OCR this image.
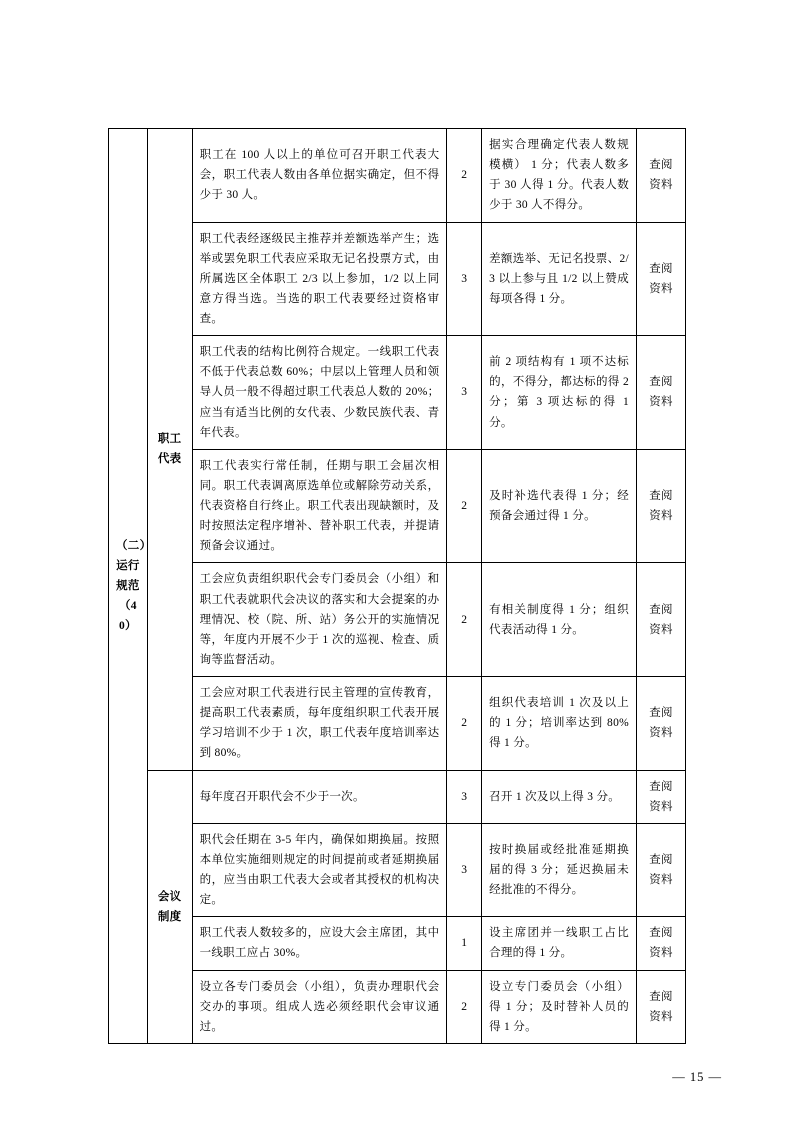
（二）运行规范（40）	职工代表	职工在 100 人以上的单位可召开职工代表大会，职工代表人数由各单位据实确定，但不得少于 30 人。	2	据实合理确定代表人数规模横） 1 分；代表人数多于 30 人得 1 分。代表人数少于 30 人不得分。	查阅资料
		职工代表经逐级民主推荐并差额选举产生；选举或罢免职工代表应采取无记名投票方式，由所属选区全体职工 2/3 以上参加，1/2 以上同意方得当选。当选的职工代表要经过资格审查。	3	差额选举、无记名投票、2/3 以上参与且 1/2 以上赞成每项各得 1 分。	查阅资料
		职工代表的结构比例符合规定。一线职工代表不低于代表总数 60%；中层以上管理人员和领导人员一般不得超过职工代表总人数的 20%；应当有适当比例的女代表、少数民族代表、青年代表。	3	前 2 项结构有 1 项不达标的，不得分，都达标的得 2 分；第 3 项达标的得 1 分。	查阅资料
		职工代表实行常任制，任期与职工会届次相同。职工代表调离原选单位或解除劳动关系，代表资格自行终止。职工代表出现缺额时，及时按照法定程序增补、替补职工代表，并提请预备会议通过。	2	及时补选代表得 1 分；经预备会通过得 1 分。	查阅资料
		工会应负责组织职代会专门委员会（小组）和职工代表就职代会决议的落实和大会提案的办理情况、校（院、所、站）务公开的实施情况等，年度内开展不少于 1 次的巡视、检查、质询等监督活动。	2	有相关制度得 1 分；组织代表活动得 1 分。	查阅资料
		工会应对职工代表进行民主管理的宣传教育，提高职工代表素质，每年度组织职工代表开展学习培训不少于 1 次，职工代表年度培训率达到 80%。	2	组织代表培训 1 次及以上的 1 分；培训率达到 80%得 1 分。	查阅资料
	会议制度	每年度召开职代会不少于一次。	3	召开 1 次及以上得 3 分。	查阅资料
		职代会任期在 3-5 年内，确保如期换届。按照本单位实施细则规定的时间提前或者延期换届的，应当由职工代表大会或者其授权的机构决定。	3	按时换届或经批准延期换届的得 3 分；延迟换届未经批准的不得分。	查阅资料
		职工代表人数较多的，应设大会主席团，其中一线职工应占 30%。	1	设主席团并一线职工占比合理的得 1 分。	查阅资料
		设立各专门委员会（小组），负责办理职代会交办的事项。组成人选必须经职代会审议通过。	2	设立专门委员会（小组）得 1 分；及时替补人员的得 1 分。	查阅资料
— 15 —
